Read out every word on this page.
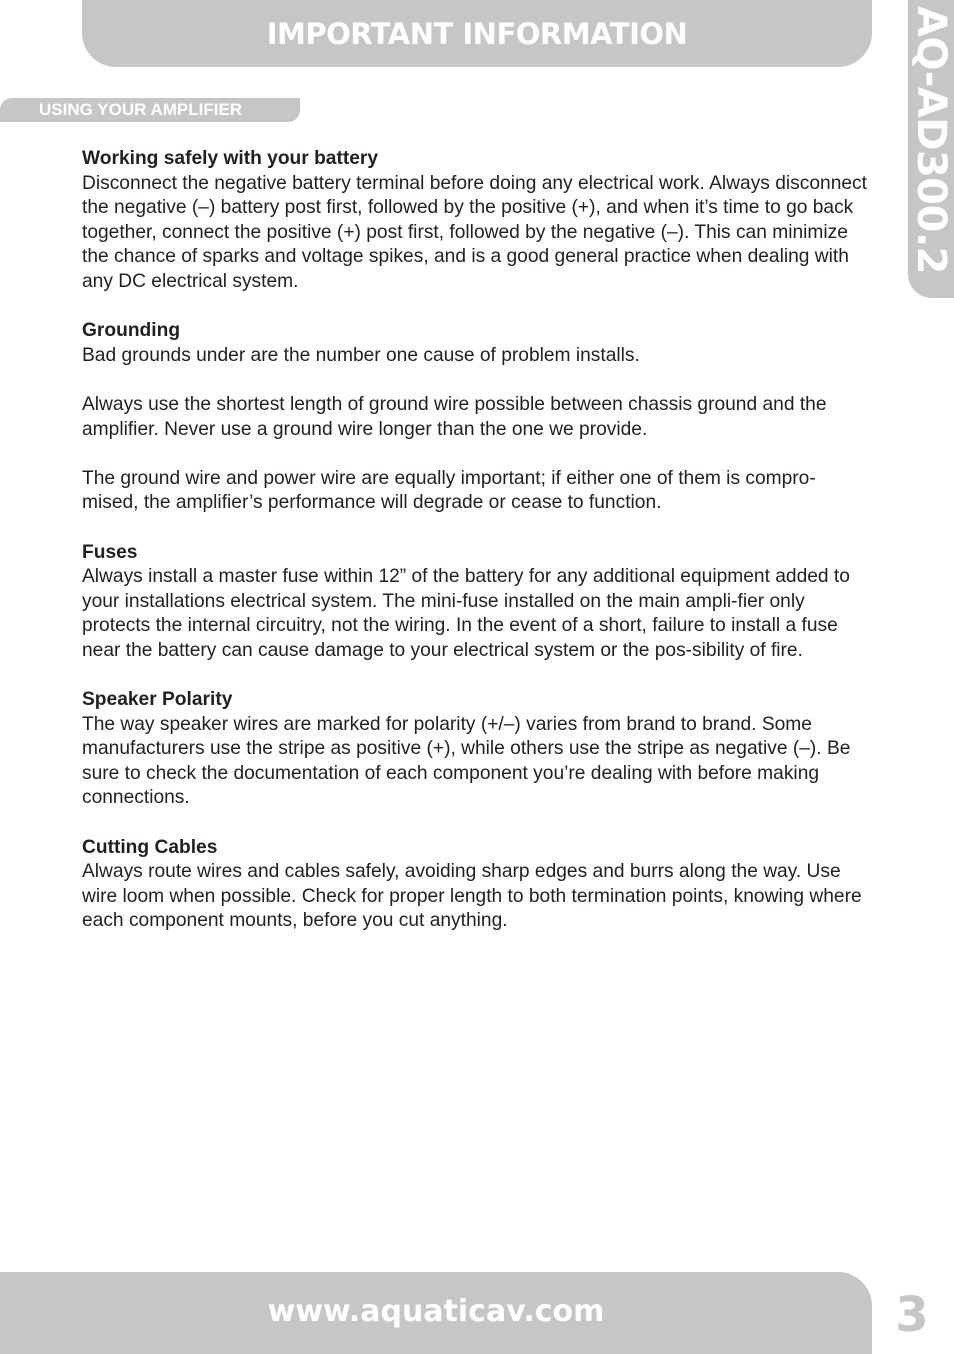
IMPORTANT INFORMATION	AQ-AD300.2
USING YOUR AMPLIFIER

Working safely with your battery

Disconnect the negative battery terminal before doing any electrical work. Always disconnect the negative (–) battery post first, followed by the positive (+), and when it’s time to go back together, connect the positive (+) post first, followed by the negative (–). This can minimize the chance of sparks and voltage spikes, and is a good general practice when dealing with any DC electrical system.

Grounding

Bad grounds under are the number one cause of problem installs.

Always use the shortest length of ground wire possible between chassis ground and the amplifier. Never use a ground wire longer than the one we provide.

The ground wire and power wire are equally important; if either one of them is compro-mised, the amplifier’s performance will degrade or cease to function.

Fuses

Always install a master fuse within 12” of the battery for any additional equipment added to your installations electrical system. The mini-fuse installed on the main ampli-fier only protects the internal circuitry, not the wiring. In the event of a short, failure to install a fuse near the battery can cause damage to your electrical system or the pos-sibility of fire.

Speaker Polarity

The way speaker wires are marked for polarity (+/–) varies from brand to brand. Some manufacturers use the stripe as positive (+), while others use the stripe as negative (–). Be sure to check the documentation of each component you’re dealing with before making connections.

Cutting Cables

Always route wires and cables safely, avoiding sharp edges and burrs along the way. Use wire loom when possible. Check for proper length to both termination points, knowing where each component mounts, before you cut anything.

www.aquaticav.com	3
